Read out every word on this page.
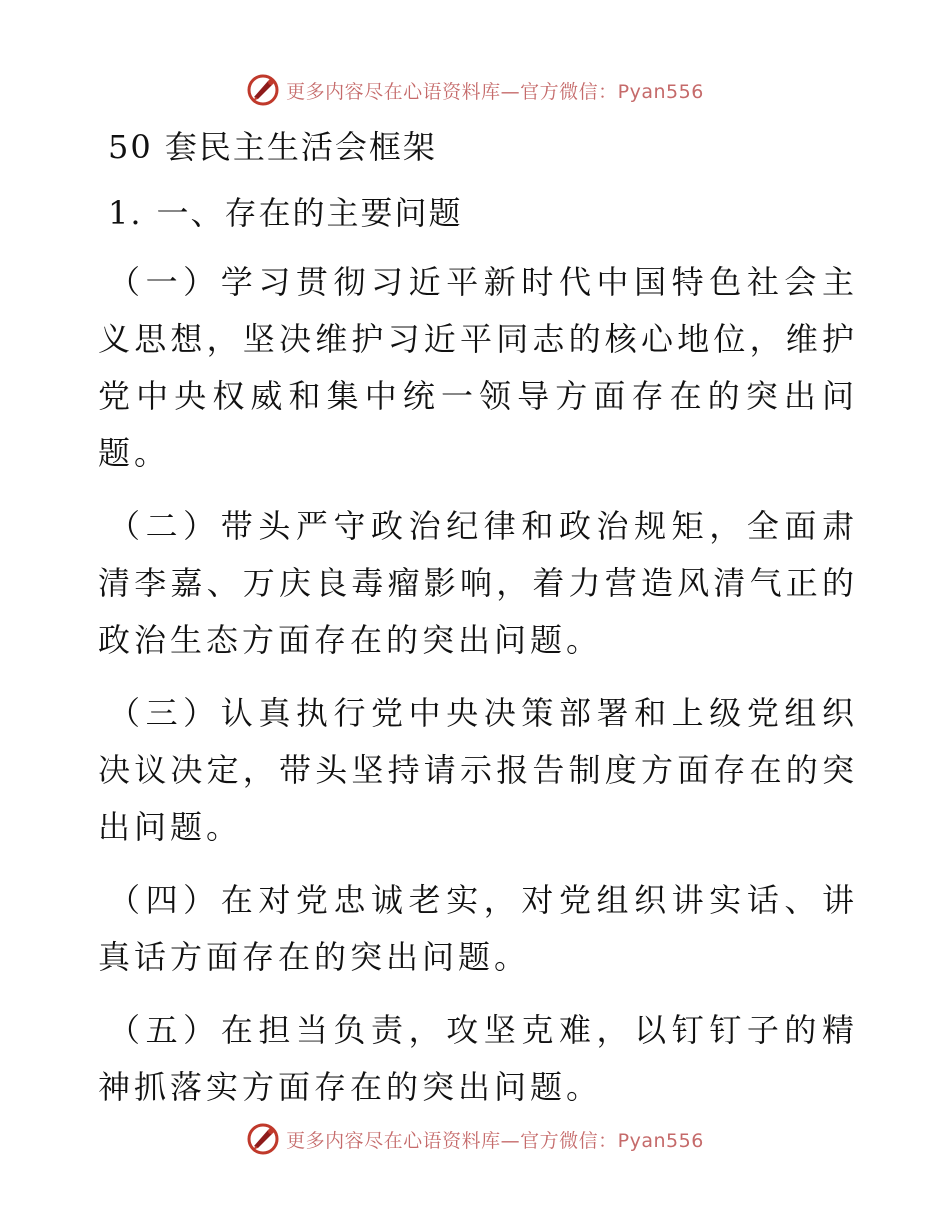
更多内容尽在心语资料库—官方微信：Pyan556
50 套民主生活会框架
1. 一、存在的主要问题

（一）学习贯彻习近平新时代中国特色社会主义思想，坚决维护习近平同志的核心地位，维护党中央权威和集中统一领导方面存在的突出问题。

（二）带头严守政治纪律和政治规矩，全面肃清李嘉、万庆良毒瘤影响，着力营造风清气正的政治生态方面存在的突出问题。

（三）认真执行党中央决策部署和上级党组织决议决定，带头坚持请示报告制度方面存在的突出问题。

（四）在对党忠诚老实，对党组织讲实话、讲真话方面存在的突出问题。

（五）在担当负责，攻坚克难，以钉钉子的精神抓落实方面存在的突出问题。

更多内容尽在心语资料库—官方微信：Pyan556
